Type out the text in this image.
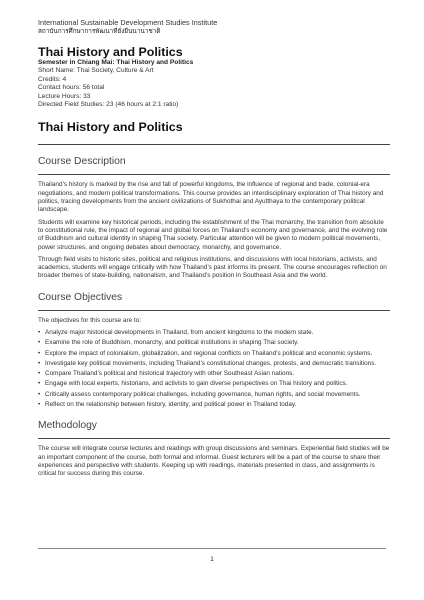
International Sustainable Development Studies Institute
สถาบันการศึกษาการพัฒนาที่ยั่งยืนนานาชาติ
Thai History and Politics
Semester in Chiang Mai: Thai History and Politics
Short Name: Thai Society, Culture & Art
Credits: 4
Contact hours: 56 total
Lecture Hours: 33
Directed Field Studies: 23 (46 hours at 2:1 ratio)
Thai History and Politics
Course Description

Thailand’s history is marked by the rise and fall of powerful kingdoms, the influence of regional and trade, colonial-era negotiations, and modern political transformations. This course provides an interdisciplinary exploration of Thai history and politics, tracing developments from the ancient civilizations of Sukhothai and Ayutthaya to the contemporary political landscape.

Students will examine key historical periods, including the establishment of the Thai monarchy, the transition from absolute to constitutional rule, the impact of regional and global forces on Thailand’s economy and governance, and the evolving role of Buddhism and cultural identity in shaping Thai society. Particular attention will be given to modern political movements, power structures, and ongoing debates about democracy, monarchy, and governance.

Through field visits to historic sites, political and religious institutions, and discussions with local historians, activists, and academics, students will engage critically with how Thailand’s past informs its present. The course encourages reflection on broader themes of state-building, nationalism, and Thailand’s position in Southeast Asia and the world.

Course Objectives

The objectives for this course are to:

• Analyze major historical developments in Thailand, from ancient kingdoms to the modern state.
• Examine the role of Buddhism, monarchy, and political institutions in shaping Thai society.
• Explore the impact of colonialism, globalization, and regional conflicts on Thailand’s political and economic systems.
• Investigate key political movements, including Thailand’s constitutional changes, protests, and democratic transitions.
• Compare Thailand’s political and historical trajectory with other Southeast Asian nations.
• Engage with local experts, historians, and activists to gain diverse perspectives on Thai history and politics.
• Critically assess contemporary political challenges, including governance, human rights, and social movements.
• Reflect on the relationship between history, identity, and political power in Thailand today.
Methodology

The course will integrate course lectures and readings with group discussions and seminars. Experiential field studies will be an important component of the course, both formal and informal. Guest lecturers will be a part of the course to share their experiences and perspective with students. Keeping up with readings, materials presented in class, and assignments is critical for success during this course.

1
